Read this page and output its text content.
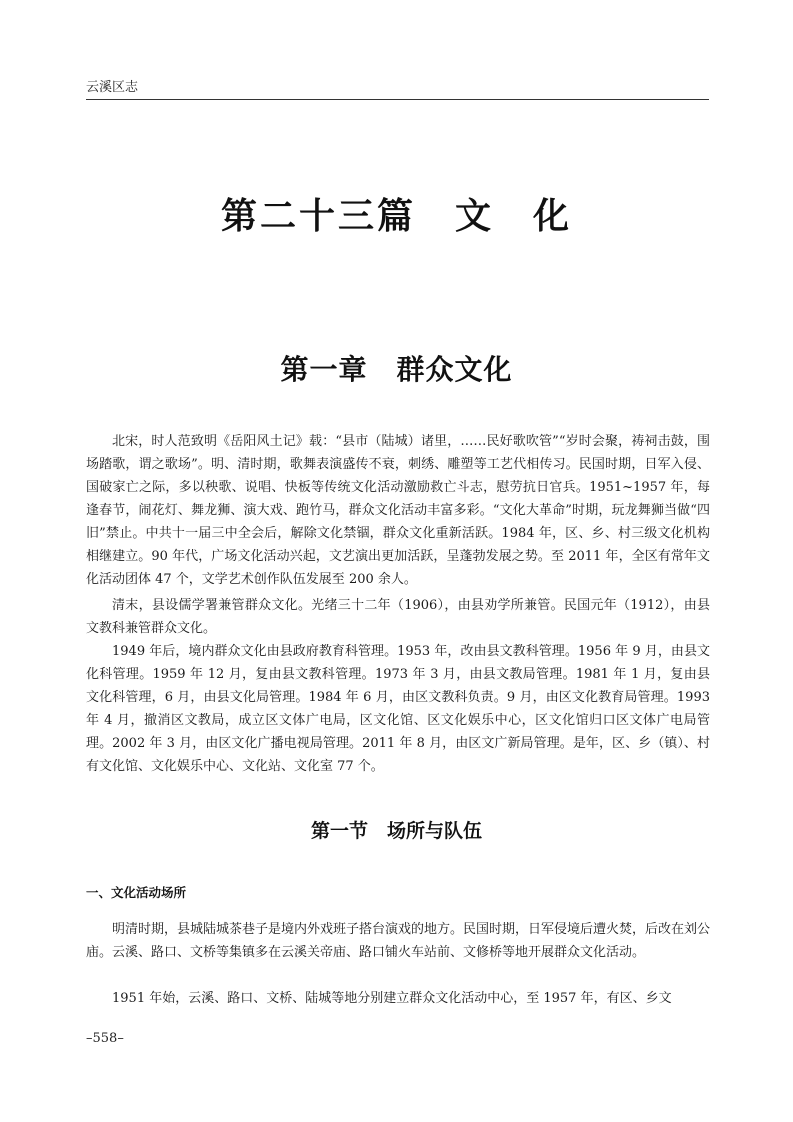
云溪区志
第二十三篇　文　化
第一章　群众文化

北宋，时人范致明《岳阳风土记》载：“县市（陆城）诸里，……民好歌吹管”“岁时会聚，祷祠击鼓，围场踏歌，谓之歌场”。明、清时期，歌舞表演盛传不衰，刺绣、雕塑等工艺代相传习。民国时期，日军入侵、国破家亡之际，多以秧歌、说唱、快板等传统文化活动激励救亡斗志，慰劳抗日官兵。1951~1957 年，每逢春节，闹花灯、舞龙狮、演大戏、跑竹马，群众文化活动丰富多彩。“文化大革命”时期，玩龙舞狮当做“四旧”禁止。中共十一届三中全会后，解除文化禁锢，群众文化重新活跃。1984 年，区、乡、村三级文化机构相继建立。90 年代，广场文化活动兴起，文艺演出更加活跃，呈蓬勃发展之势。至 2011 年，全区有常年文化活动团体 47 个，文学艺术创作队伍发展至 200 余人。

清末，县设儒学署兼管群众文化。光绪三十二年（1906），由县劝学所兼管。民国元年（1912），由县文教科兼管群众文化。

1949 年后，境内群众文化由县政府教育科管理。1953 年，改由县文教科管理。1956 年 9 月，由县文化科管理。1959 年 12 月，复由县文教科管理。1973 年 3 月，由县文教局管理。1981 年 1 月，复由县文化科管理，6 月，由县文化局管理。1984 年 6 月，由区文教科负责。9 月，由区文化教育局管理。1993 年 4 月，撤消区文教局，成立区文体广电局，区文化馆、区文化娱乐中心，区文化馆归口区文体广电局管理。2002 年 3 月，由区文化广播电视局管理。2011 年 8 月，由区文广新局管理。是年，区、乡（镇）、村有文化馆、文化娱乐中心、文化站、文化室 77 个。

第一节　场所与队伍
一、文化活动场所

明清时期，县城陆城茶巷子是境内外戏班子搭台演戏的地方。民国时期，日军侵境后遭火焚，后改在刘公庙。云溪、路口、文桥等集镇多在云溪关帝庙、路口铺火车站前、文修桥等地开展群众文化活动。

1951 年始，云溪、路口、文桥、陆城等地分别建立群众文化活动中心，至 1957 年，有区、乡文

–558–
